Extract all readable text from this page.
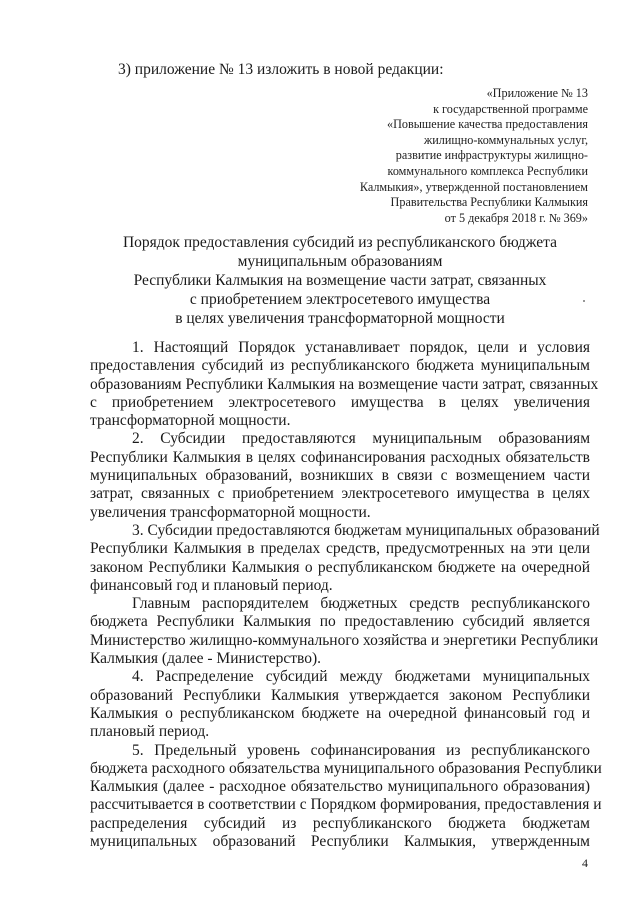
3) приложение № 13 изложить в новой редакции:
«Приложение № 13
к государственной программе
«Повышение качества предоставления
жилищно-коммунальных услуг,
развитие инфраструктуры жилищно-
коммунального комплекса Республики
Калмыкия», утвержденной постановлением
Правительства Республики Калмыкия
от 5 декабря 2018 г. № 369»
Порядок предоставления субсидий из республиканского бюджета
муниципальным образованиям
Республики Калмыкия на возмещение части затрат, связанных
с приобретением электросетевого имущества
в целях увеличения трансформаторной мощности
1. Настоящий Порядок устанавливает порядок, цели и условия
предоставления субсидий из республиканского бюджета муниципальным
образованиям Республики Калмыкия на возмещение части затрат, связанных
с приобретением электросетевого имущества в целях увеличения
трансформаторной мощности.
2. Субсидии предоставляются муниципальным образованиям
Республики Калмыкия в целях софинансирования расходных обязательств
муниципальных образований, возникших в связи с возмещением части
затрат, связанных с приобретением электросетевого имущества в целях
увеличения трансформаторной мощности.
3. Субсидии предоставляются бюджетам муниципальных образований
Республики Калмыкия в пределах средств, предусмотренных на эти цели
законом Республики Калмыкия о республиканском бюджете на очередной
финансовый год и плановый период.
Главным распорядителем бюджетных средств республиканского
бюджета Республики Калмыкия по предоставлению субсидий является
Министерство жилищно-коммунального хозяйства и энергетики Республики
Калмыкия (далее - Министерство).
4. Распределение субсидий между бюджетами муниципальных
образований Республики Калмыкия утверждается законом Республики
Калмыкия о республиканском бюджете на очередной финансовый год и
плановый период.
5. Предельный уровень софинансирования из республиканского
бюджета расходного обязательства муниципального образования Республики
Калмыкия (далее - расходное обязательство муниципального образования)
рассчитывается в соответствии с Порядком формирования, предоставления и
распределения субсидий из республиканского бюджета бюджетам
муниципальных образований Республики Калмыкия, утвержденным
4
